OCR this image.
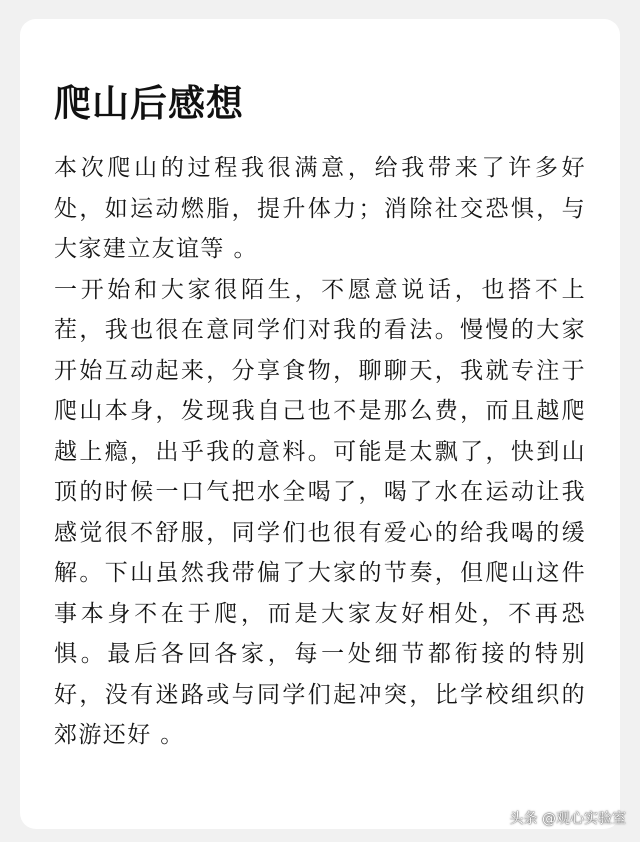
爬山后感想

本次爬山的过程我很满意，给我带来了许多好处，如运动燃脂，提升体力；消除社交恐惧，与大家建立友谊等 。

一开始和大家很陌生，不愿意说话，也搭不上茬，我也很在意同学们对我的看法。慢慢的大家开始互动起来，分享食物，聊聊天，我就专注于爬山本身，发现我自己也不是那么费，而且越爬越上瘾，出乎我的意料。可能是太飘了，快到山顶的时候一口气把水全喝了，喝了水在运动让我感觉很不舒服，同学们也很有爱心的给我喝的缓解。下山虽然我带偏了大家的节奏，但爬山这件事本身不在于爬，而是大家友好相处，不再恐惧。最后各回各家，每一处细节都衔接的特别好，没有迷路或与同学们起冲突，比学校组织的郊游还好 。

头条 @观心实验室
